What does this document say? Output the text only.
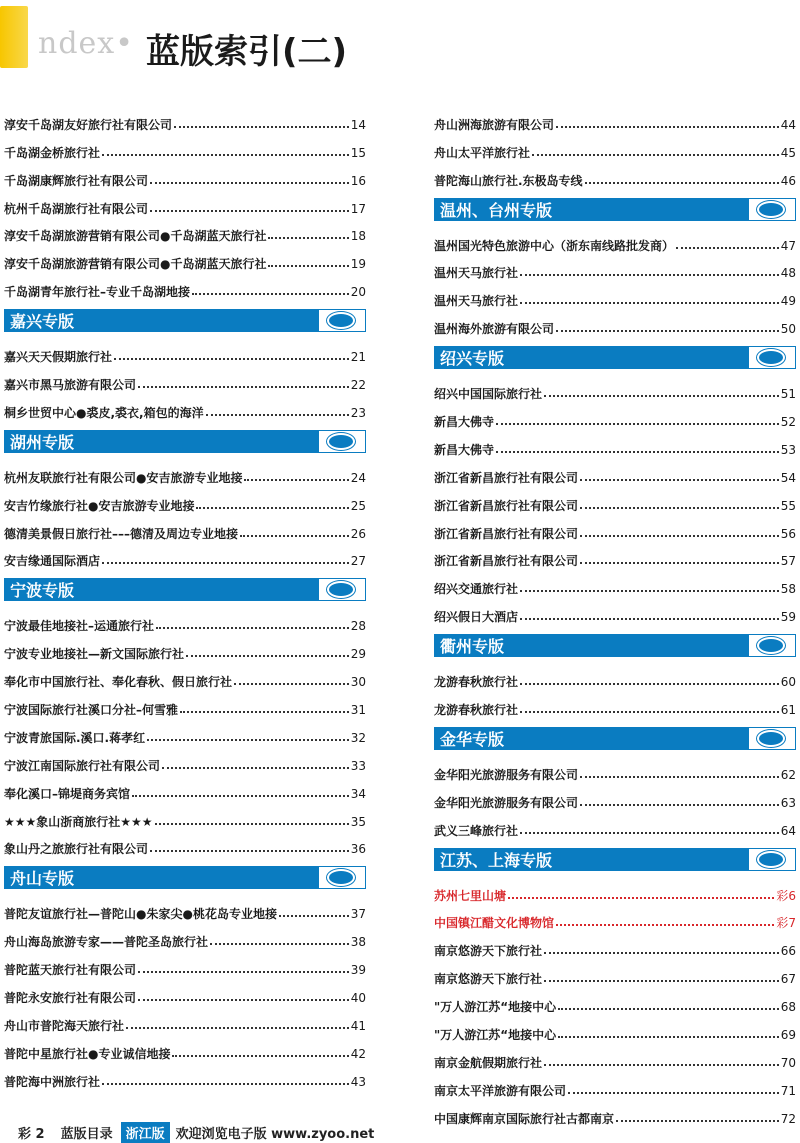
ndex• 蓝版索引(二)
淳安千岛湖友好旅行社有限公司	14
千岛湖金桥旅行社	15
千岛湖康辉旅行社有限公司	16
杭州千岛湖旅行社有限公司	17
淳安千岛湖旅游营销有限公司●千岛湖蓝天旅行社	18
淳安千岛湖旅游营销有限公司●千岛湖蓝天旅行社	19
千岛湖青年旅行社–专业千岛湖地接	20
嘉兴专版
嘉兴天天假期旅行社	21
嘉兴市黑马旅游有限公司	22
桐乡世贸中心●裘皮,裘衣,箱包的海洋	23
湖州专版
杭州友联旅行社有限公司●安吉旅游专业地接	24
安吉竹缘旅行社●安吉旅游专业地接	25
德清美景假日旅行社–––德清及周边专业地接	26
安吉缘通国际酒店	27
宁波专版
宁波最佳地接社–运通旅行社	28
宁波专业地接社—新文国际旅行社	29
奉化市中国旅行社、奉化春秋、假日旅行社	30
宁波国际旅行社溪口分社–何雪雅	31
宁波青旅国际.溪口.蒋孝红	32
宁波江南国际旅行社有限公司	33
奉化溪口–锦堤商务宾馆	34
★★★象山浙商旅行社★★★	35
象山丹之旅旅行社有限公司	36
舟山专版
普陀友谊旅行社—普陀山●朱家尖●桃花岛专业地接	37
舟山海岛旅游专家——普陀圣岛旅行社	38
普陀蓝天旅行社有限公司	39
普陀永安旅行社有限公司	40
舟山市普陀海天旅行社	41
普陀中星旅行社●专业诚信地接	42
普陀海中洲旅行社	43
舟山洲海旅游有限公司	44
舟山太平洋旅行社	45
普陀海山旅行社.东极岛专线	46
温州、台州专版
温州国光特色旅游中心（浙东南线路批发商）	47
温州天马旅行社	48
温州天马旅行社	49
温州海外旅游有限公司	50
绍兴专版
绍兴中国国际旅行社	51
新昌大佛寺	52
新昌大佛寺	53
浙江省新昌旅行社有限公司	54
浙江省新昌旅行社有限公司	55
浙江省新昌旅行社有限公司	56
浙江省新昌旅行社有限公司	57
绍兴交通旅行社	58
绍兴假日大酒店	59
衢州专版
龙游春秋旅行社	60
龙游春秋旅行社	61
金华专版
金华阳光旅游服务有限公司	62
金华阳光旅游服务有限公司	63
武义三峰旅行社	64
江苏、上海专版
苏州七里山塘	彩6
中国镇江醋文化博物馆	彩7
南京悠游天下旅行社	66
南京悠游天下旅行社	67
"万人游江苏“地接中心	68
"万人游江苏“地接中心	69
南京金航假期旅行社	70
南京太平洋旅游有限公司	71
中国康辉南京国际旅行社古都南京	72
彩 2 蓝版目录	浙江版 欢迎浏览电子版 www.zyoo.net
